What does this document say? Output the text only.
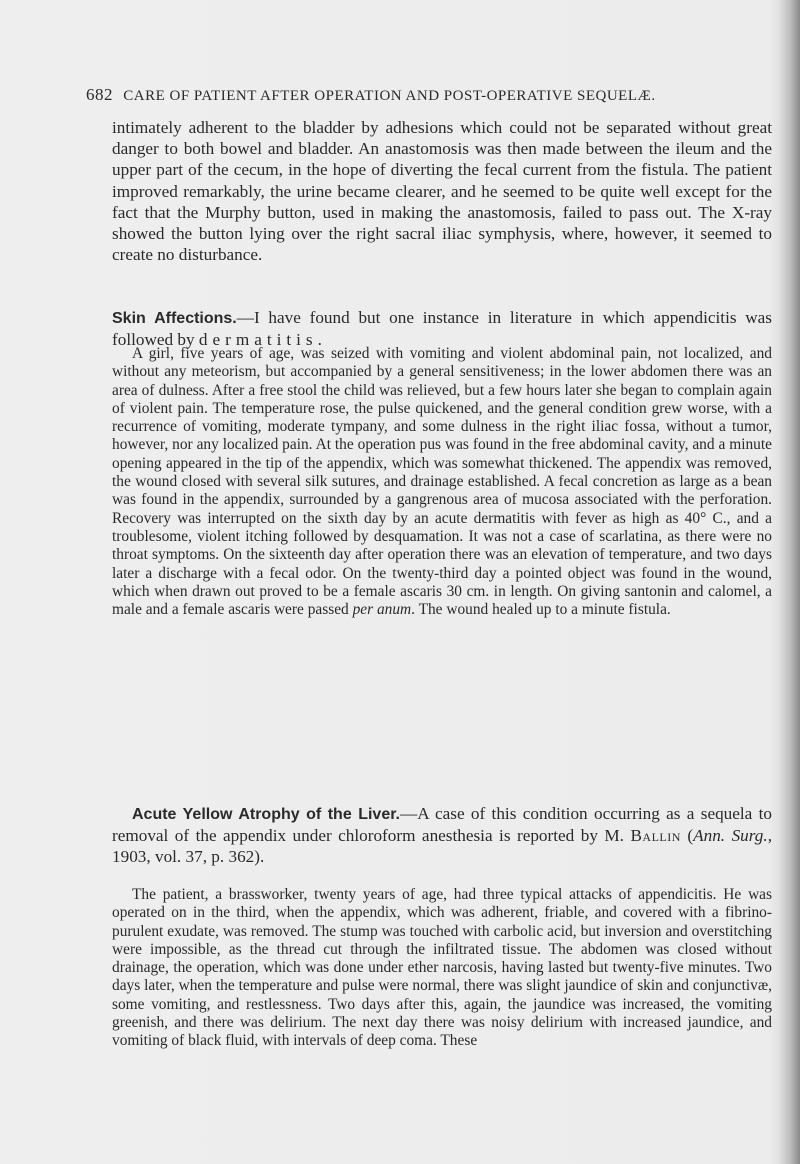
682 CARE OF PATIENT AFTER OPERATION AND POST-OPERATIVE SEQUELÆ.
intimately adherent to the bladder by adhesions which could not be separated without great danger to both bowel and bladder. An anastomosis was then made between the ileum and the upper part of the cecum, in the hope of diverting the fecal current from the fistula. The patient improved remarkably, the urine became clearer, and he seemed to be quite well except for the fact that the Murphy button, used in making the anastomosis, failed to pass out. The X-ray showed the button lying over the right sacral iliac symphysis, where, however, it seemed to create no disturbance.
Skin Affections.—I have found but one instance in literature in which appendicitis was followed by dermatitis.
A girl, five years of age, was seized with vomiting and violent abdominal pain, not localized, and without any meteorism, but accompanied by a general sensitiveness; in the lower abdomen there was an area of dulness. After a free stool the child was relieved, but a few hours later she began to complain again of violent pain. The temperature rose, the pulse quickened, and the general condition grew worse, with a recurrence of vomiting, moderate tympany, and some dulness in the right iliac fossa, without a tumor, however, nor any localized pain. At the operation pus was found in the free abdominal cavity, and a minute opening appeared in the tip of the appendix, which was somewhat thickened. The appendix was removed, the wound closed with several silk sutures, and drainage established. A fecal concretion as large as a bean was found in the appendix, surrounded by a gangrenous area of mucosa associated with the perforation. Recovery was interrupted on the sixth day by an acute dermatitis with fever as high as 40° C., and a troublesome, violent itching followed by desquamation. It was not a case of scarlatina, as there were no throat symptoms. On the sixteenth day after operation there was an elevation of temperature, and two days later a discharge with a fecal odor. On the twenty-third day a pointed object was found in the wound, which when drawn out proved to be a female ascaris 30 cm. in length. On giving santonin and calomel, a male and a female ascaris were passed per anum. The wound healed up to a minute fistula.
Acute Yellow Atrophy of the Liver.—A case of this condition occurring as a sequela to removal of the appendix under chloroform anesthesia is reported by M. Ballin (Ann. Surg., 1903, vol. 37, p. 362).
The patient, a brassworker, twenty years of age, had three typical attacks of appendicitis. He was operated on in the third, when the appendix, which was adherent, friable, and covered with a fibrino-purulent exudate, was removed. The stump was touched with carbolic acid, but inversion and overstitching were impossible, as the thread cut through the infiltrated tissue. The abdomen was closed without drainage, the operation, which was done under ether narcosis, having lasted but twenty-five minutes. Two days later, when the temperature and pulse were normal, there was slight jaundice of skin and conjunctivæ, some vomiting, and restlessness. Two days after this, again, the jaundice was increased, the vomiting greenish, and there was delirium. The next day there was noisy delirium with increased jaundice, and vomiting of black fluid, with intervals of deep coma. These
